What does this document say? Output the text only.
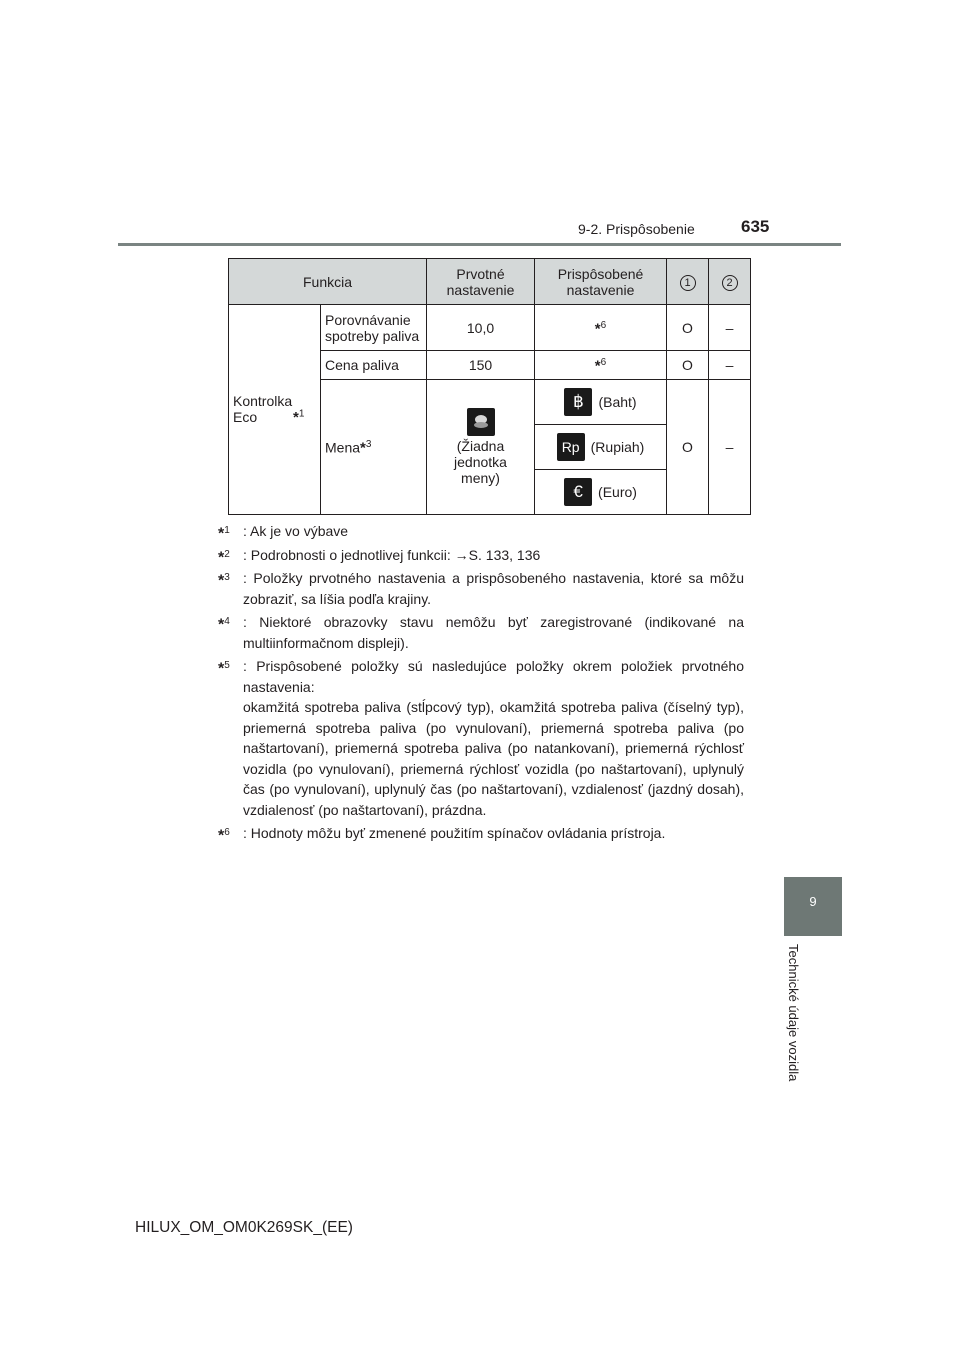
9-2. Prispôsobenie	635
9
Technické údaje vozidla
Funkcia		Prvotné nastavenie	Prispôsobené nastavenie	1	2
Kontrolka Eco *$^1$	Porovnávanie spotreby paliva	10,0	*$^6$	O	–
	Cena paliva	150	*$^6$	O	–
	Mena*$^3$	(Žiadna jednotka meny)	฿ (Baht)	O	–

			Rp (Rupiah)		

			€ (Euro)		
*$^1$ : Ak je vo výbave
*$^2$ : Podrobnosti o jednotlivej funkcii: →S. 133, 136
*$^3$ : Položky prvotného nastavenia a prispôsobeného nastavenia, ktoré sa môžu zobraziť, sa líšia podľa krajiny.
*$^4$ : Niektoré obrazovky stavu nemôžu byť zaregistrované (indikované na multiinformačnom displeji).
*$^5$ : Prispôsobené položky sú nasledujúce položky okrem položiek prvotného nastavenia:
okamžitá spotreba paliva (stĺpcový typ), okamžitá spotreba paliva (číselný typ), priemerná spotreba paliva (po vynulovaní), priemerná spotreba paliva (po naštartovaní), priemerná spotreba paliva (po natankovaní), priemerná rýchlosť vozidla (po vynulovaní), priemerná rýchlosť vozidla (po naštartovaní), uplynulý čas (po vynulovaní), uplynulý čas (po naštartovaní), vzdialenosť (jazdný dosah), vzdialenosť (po naštartovaní), prázdna.
*$^6$ : Hodnoty môžu byť zmenené použitím spínačov ovládania prístroja.
HILUX_OM_OM0K269SK_(EE)
